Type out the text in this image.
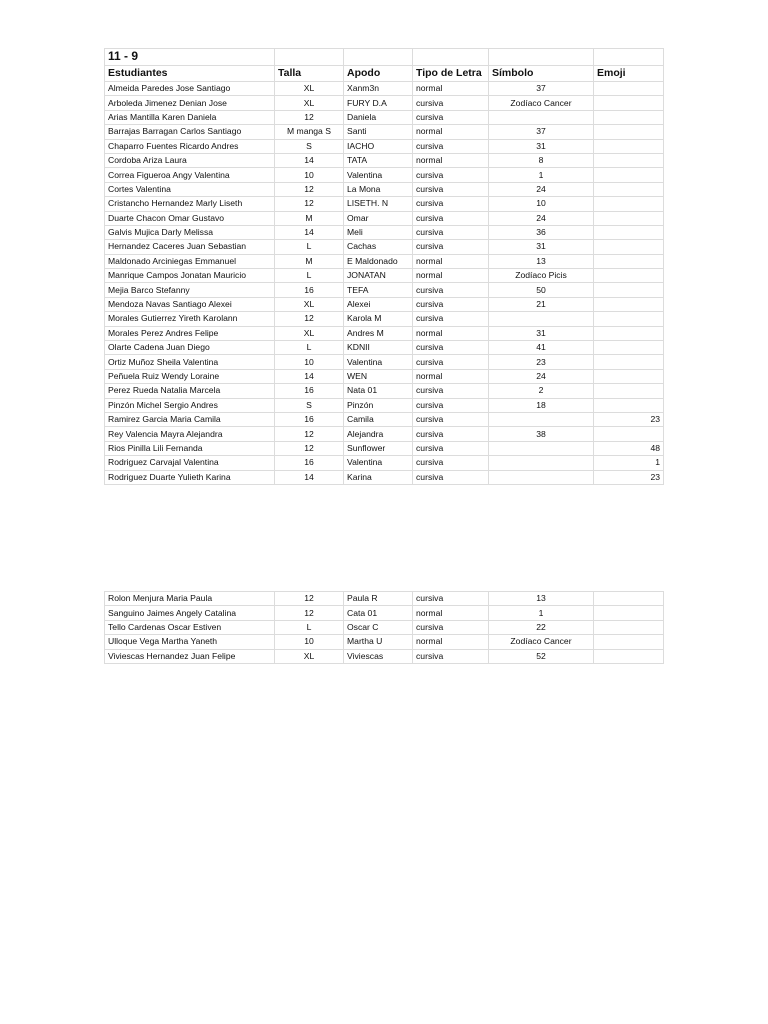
11 - 9					
Estudiantes	Talla	Apodo	Tipo de Letra	Símbolo	Emoji
Almeida Paredes Jose Santiago	XL	Xanm3n	normal	37	
Arboleda Jimenez Denian Jose	XL	FURY D.A	cursiva	Zodíaco Cancer	
Arias Mantilla Karen Daniela	12	Daniela	cursiva		
Barrajas Barragan Carlos Santiago	M manga S	Santi	normal	37	
Chaparro Fuentes Ricardo Andres	S	IACHO	cursiva	31	
Cordoba Ariza Laura	14	TATA	normal	8	
Correa Figueroa Angy Valentina	10	Valentina	cursiva	1	
Cortes Valentina	12	La Mona	cursiva	24	
Cristancho Hernandez Marly Liseth	12	LISETH. N	cursiva	10	
Duarte Chacon Omar Gustavo	M	Omar	cursiva	24	
Galvis Mujica Darly Melissa	14	Meli	cursiva	36	
Hernandez Caceres Juan Sebastian	L	Cachas	cursiva	31	
Maldonado Arciniegas Emmanuel	M	E Maldonado	normal	13	
Manrique Campos Jonatan Mauricio	L	JONATAN	normal	Zodíaco Picis	
Mejia Barco Stefanny	16	TEFA	cursiva	50	
Mendoza Navas Santiago Alexei	XL	Alexei	cursiva	21	
Morales Gutierrez Yireth Karolann	12	Karola M	cursiva		
Morales Perez Andres Felipe	XL	Andres M	normal	31	
Olarte Cadena Juan Diego	L	KDNII	cursiva	41	
Ortiz Muñoz Sheila Valentina	10	Valentina	cursiva	23	
Peñuela Ruiz Wendy Loraine	14	WEN	normal	24	
Perez Rueda Natalia Marcela	16	Nata 01	cursiva	2	
Pinzón Michel Sergio Andres	S	Pinzón	cursiva	18	
Ramirez Garcia Maria Camila	16	Camila	cursiva		23
Rey Valencia Mayra Alejandra	12	Alejandra	cursiva	38	
Rios Pinilla Lili Fernanda	12	Sunflower	cursiva		48
Rodriguez Carvajal Valentina	16	Valentina	cursiva		1
Rodriguez Duarte Yulieth Karina	14	Karina	cursiva		23
Rolon Menjura Maria Paula	12	Paula R	cursiva	13	
Sanguino Jaimes Angely Catalina	12	Cata 01	normal	1	
Tello Cardenas Oscar Estiven	L	Oscar C	cursiva	22	
Ulloque Vega Martha Yaneth	10	Martha U	normal	Zodíaco Cancer	
Viviescas Hernandez Juan Felipe	XL	Viviescas	cursiva	52	
